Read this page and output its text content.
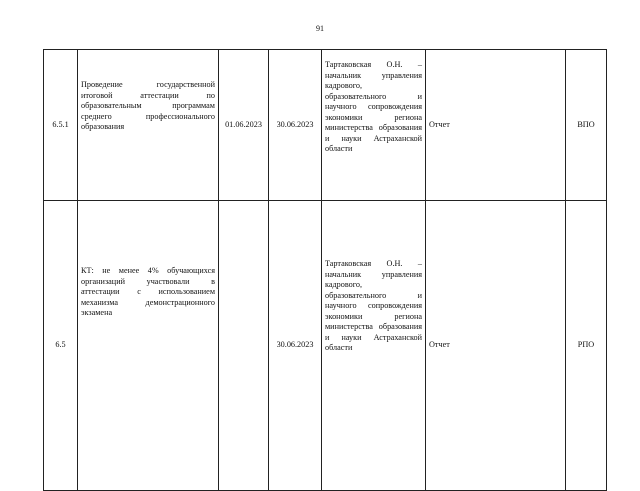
91
6.5.1	Проведение государственной итоговой аттестации по образовательным программам среднего профессионального образования	01.06.2023	30.06.2023	Тартаковская О.Н. – начальник управления кадрового, образовательного и научного сопровождения экономики региона министерства образования и науки Астраханской области	Отчет	ВПО
6.5	КТ: не менее 4% обучающихся организаций участвовали в аттестации с использованием механизма демонстрационного экзамена		30.06.2023	Тартаковская О.Н. – начальник управления кадрового, образовательного и научного сопровождения экономики региона министерства образования и науки Астраханской области	Отчет	РПО
